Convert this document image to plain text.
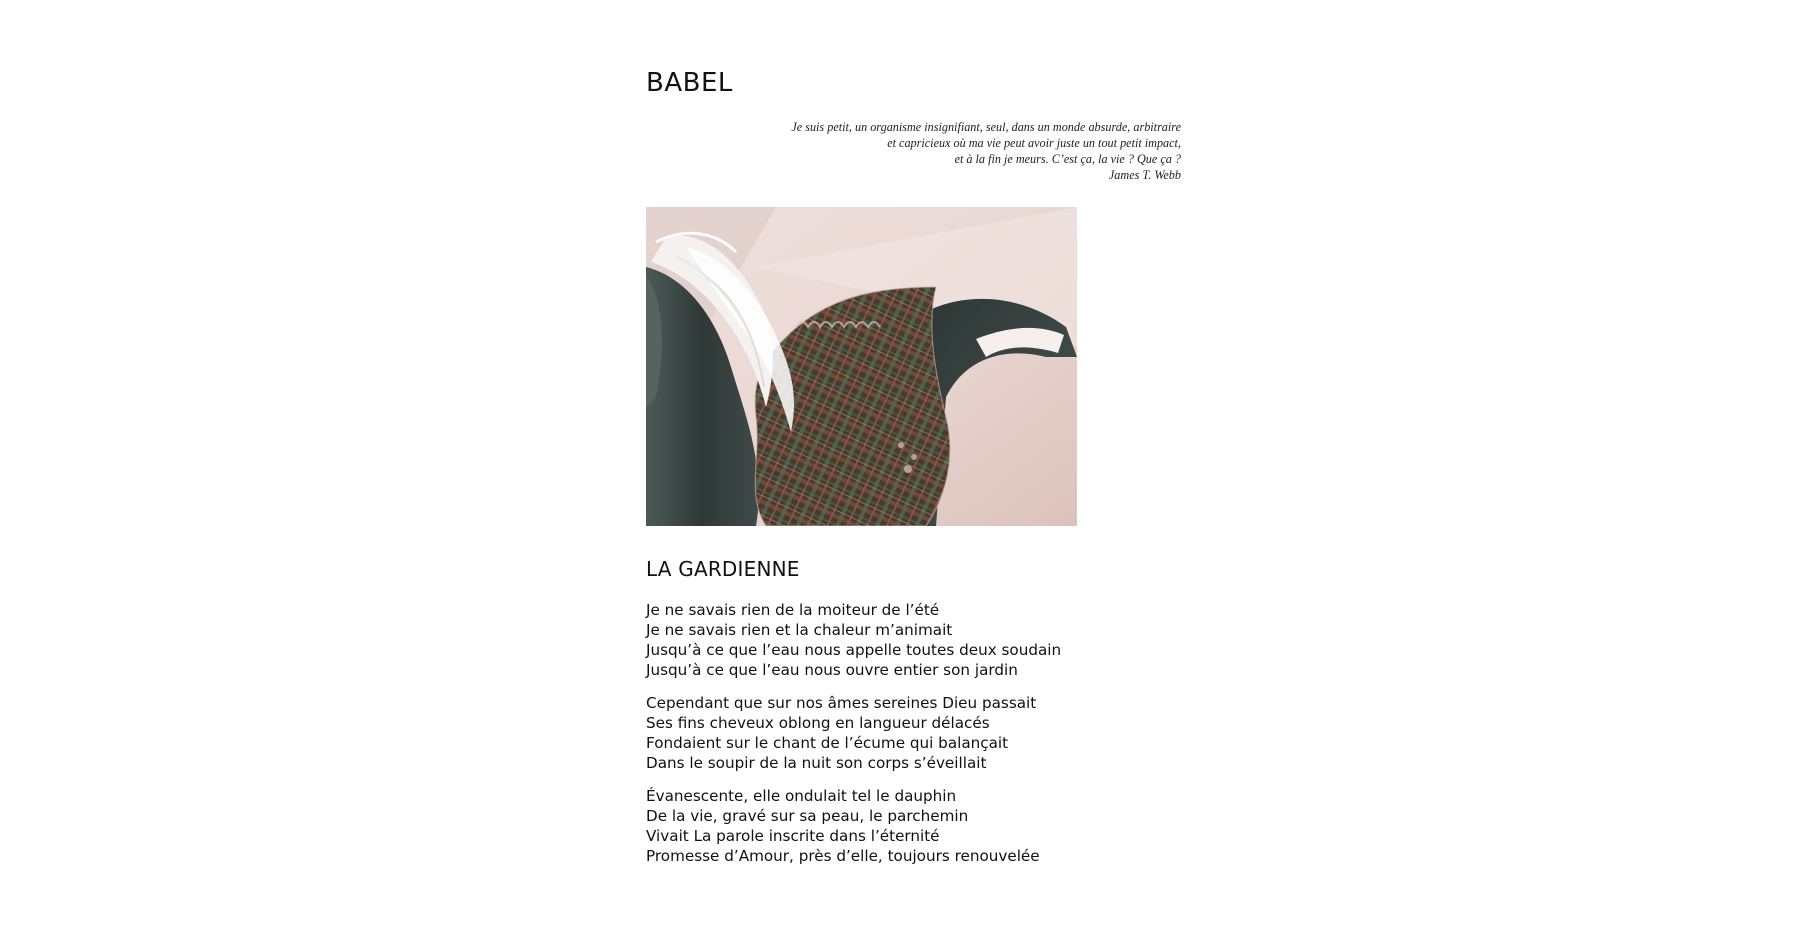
BABEL
Je suis petit, un organisme insignifiant, seul, dans un monde absurde, arbitraire
et capricieux où ma vie peut avoir juste un tout petit impact,
et à la fin je meurs. C’est ça, la vie ? Que ça ?
James T. Webb
LA GARDIENNE
Je ne savais rien de la moiteur de l’été
Je ne savais rien et la chaleur m’animait
Jusqu’à ce que l’eau nous appelle toutes deux soudain
Jusqu’à ce que l’eau nous ouvre entier son jardin
Cependant que sur nos âmes sereines Dieu passait
Ses fins cheveux oblong en langueur délacés
Fondaient sur le chant de l’écume qui balançait
Dans le soupir de la nuit son corps s’éveillait
Évanescente, elle ondulait tel le dauphin
De la vie, gravé sur sa peau, le parchemin
Vivait La parole inscrite dans l’éternité
Promesse d’Amour, près d’elle, toujours renouvelée
